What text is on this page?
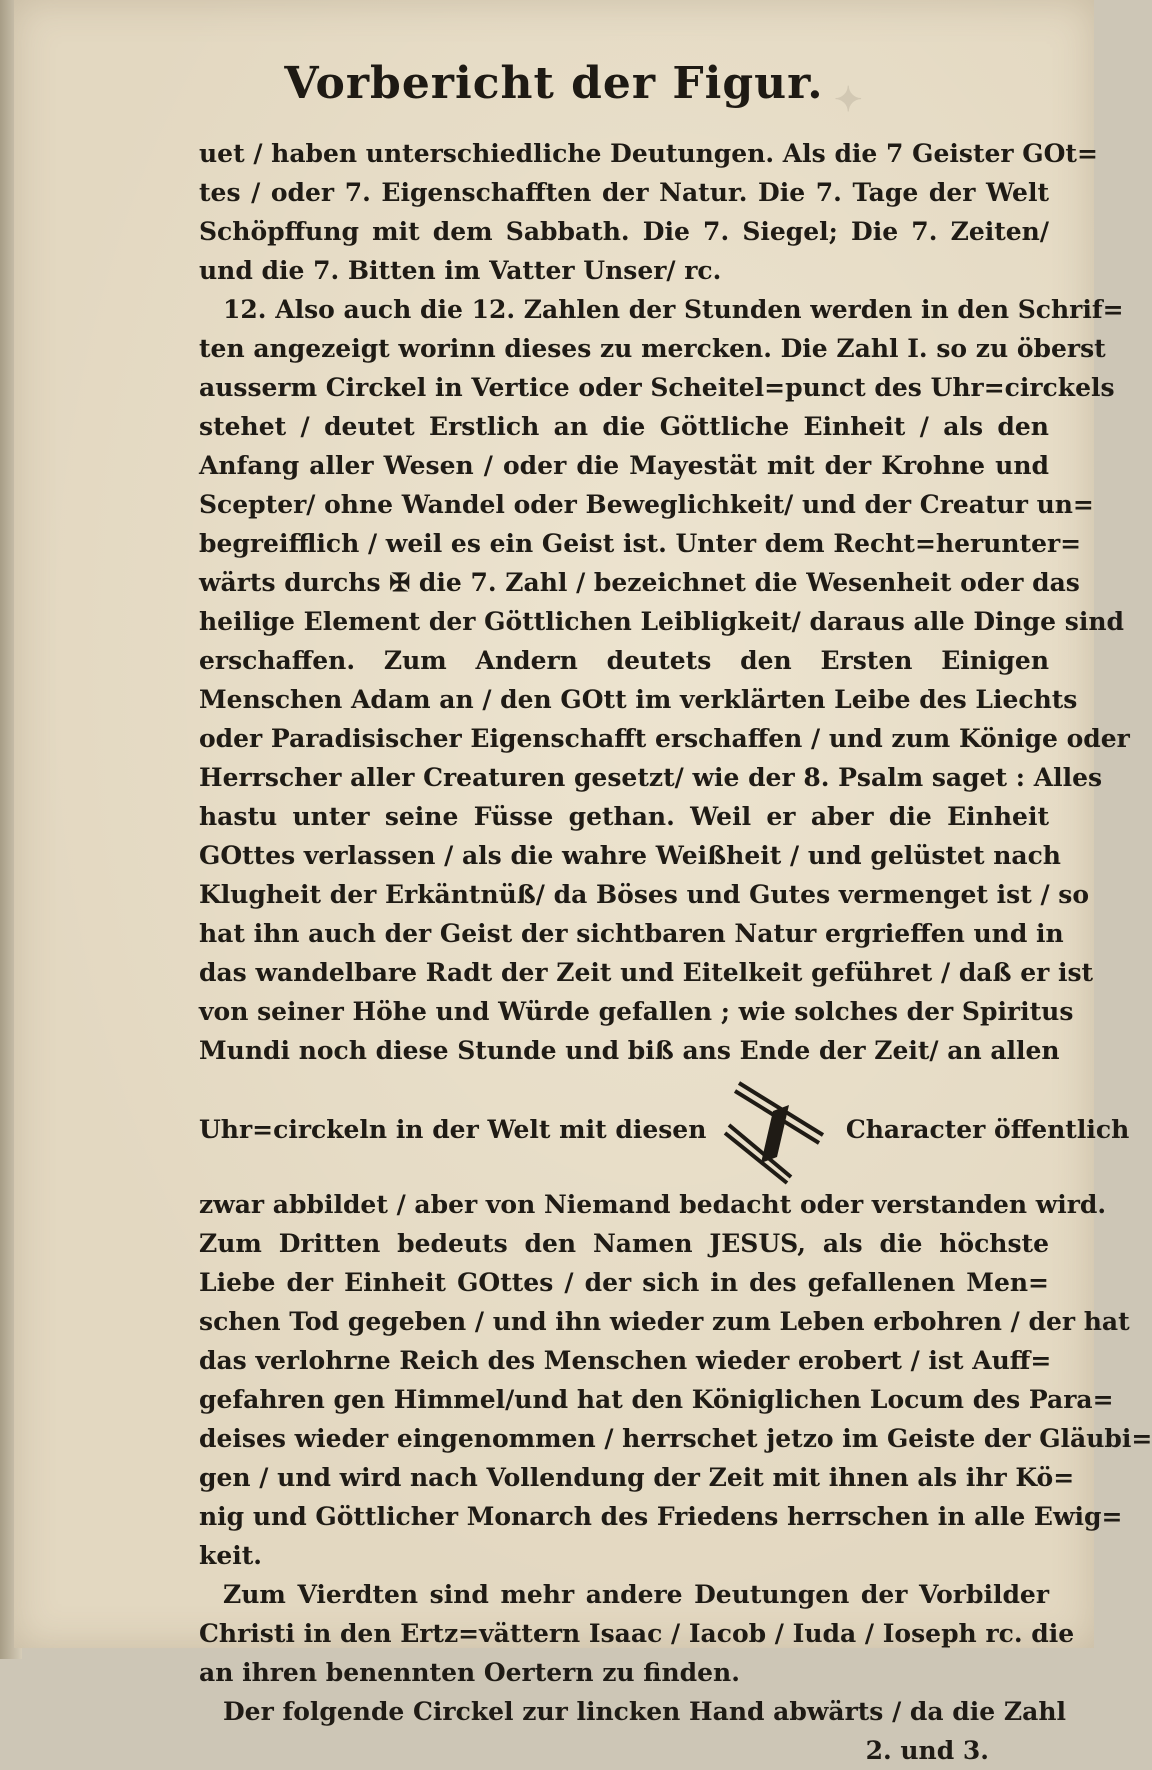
✦
Vorbericht der Figur.
uet / haben unterschiedliche Deutungen. Als die 7 Geister GOt=
tes / oder 7. Eigenschafften der Natur. Die 7. Tage der Welt
Schöpffung mit dem Sabbath. Die 7. Siegel; Die 7. Zeiten/
und die 7. Bitten im Vatter Unser/ rc.
12. Also auch die 12. Zahlen der Stunden werden in den Schrif=
ten angezeigt worinn dieses zu mercken. Die Zahl I. so zu öberst
ausserm Circkel in Vertice oder Scheitel=punct des Uhr=circkels
stehet / deutet Erstlich an die Göttliche Einheit / als den
Anfang aller Wesen / oder die Mayestät mit der Krohne und
Scepter/ ohne Wandel oder Beweglichkeit/ und der Creatur un=
begreifflich / weil es ein Geist ist. Unter dem Recht=herunter=
wärts durchs ✠ die 7. Zahl / bezeichnet die Wesenheit oder das
heilige Element der Göttlichen Leibligkeit/ daraus alle Dinge sind
erschaffen. Zum Andern deutets den Ersten Einigen
Menschen Adam an / den GOtt im verklärten Leibe des Liechts
oder Paradisischer Eigenschafft erschaffen / und zum Könige oder
Herrscher aller Creaturen gesetzt/ wie der 8. Psalm saget : Alles
hastu unter seine Füsse gethan. Weil er aber die Einheit
GOttes verlassen / als die wahre Weißheit / und gelüstet nach
Klugheit der Erkäntnüß/ da Böses und Gutes vermenget ist / so
hat ihn auch der Geist der sichtbaren Natur ergrieffen und in
das wandelbare Radt der Zeit und Eitelkeit geführet / daß er ist
von seiner Höhe und Würde gefallen ; wie solches der Spiritus
Mundi noch diese Stunde und biß ans Ende der Zeit/ an allen
Uhr=circkeln in der Welt mit diesen	Character öffentlich
zwar abbildet / aber von Niemand bedacht oder verstanden wird.
Zum Dritten bedeuts den Namen JESUS, als die höchste
Liebe der Einheit GOttes / der sich in des gefallenen Men=
schen Tod gegeben / und ihn wieder zum Leben erbohren / der hat
das verlohrne Reich des Menschen wieder erobert / ist Auff=
gefahren gen Himmel/und hat den Königlichen Locum des Para=
deises wieder eingenommen / herrschet jetzo im Geiste der Gläubi=
gen / und wird nach Vollendung der Zeit mit ihnen als ihr Kö=
nig und Göttlicher Monarch des Friedens herrschen in alle Ewig=
keit.
Zum Vierdten sind mehr andere Deutungen der Vorbilder
Christi in den Ertz=vättern Isaac / Iacob / Iuda / Ioseph rc. die
an ihren benennten Oertern zu finden.
Der folgende Circkel zur lincken Hand abwärts / da die Zahl
2. und 3.
